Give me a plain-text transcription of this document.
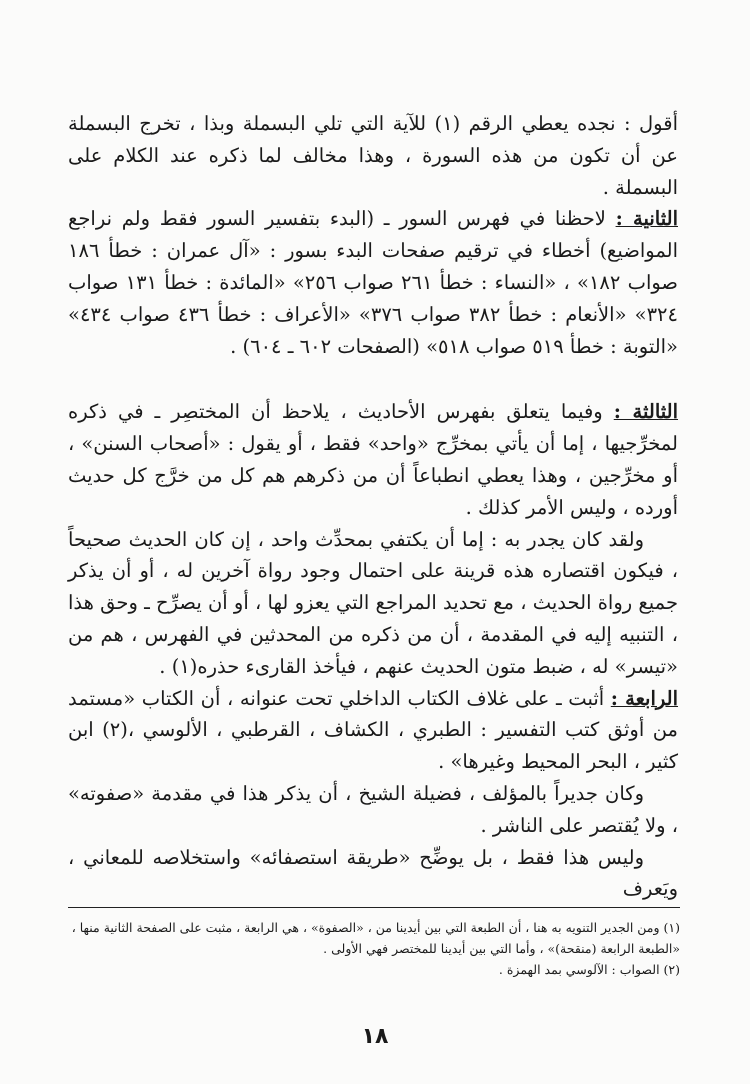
أقول : نجده يعطي الرقم (١) للآية التي تلي البسملة وبذا ، تخرج البسملة عن أن تكون من هذه السورة ، وهذا مخالف لما ذكره عند الكلام على البسملة .

الثانية : لاحظنا في فهرس السور ـ (البدء بتفسير السور فقط ولم نراجع المواضيع) أخطاء في ترقيم صفحات البدء بسور : «آل عمران : خطأ ١٨٦ صواب ١٨٢» ، «النساء : خطأ ٢٦١ صواب ٢٥٦» «المائدة : خطأ ١٣١ صواب ٣٢٤» «الأنعام : خطأ ٣٨٢ صواب ٣٧٦» «الأعراف : خطأ ٤٣٦ صواب ٤٣٤» «التوبة : خطأ ٥١٩ صواب ٥١٨» (الصفحات ٦٠٢ ـ ٦٠٤) .

الثالثة : وفيما يتعلق بفهرس الأحاديث ، يلاحظ أن المختصِر ـ في ذكره لمخرِّجيها ، إما أن يأتي بمخرِّج «واحد» فقط ، أو يقول : «أصحاب السنن» ، أو مخرِّجين ، وهذا يعطي انطباعاً أن من ذكرهم هم كل من خرَّج كل حديث أورده ، وليس الأمر كذلك .

ولقد كان يجدر به : إما أن يكتفي بمحدِّث واحد ، إن كان الحديث صحيحاً ، فيكون اقتصاره هذه قرينة على احتمال وجود رواة آخرين له ، أو أن يذكر جميع رواة الحديث ، مع تحديد المراجع التي يعزو لها ، أو أن يصرِّح ـ وحق هذا ، التنبيه إليه في المقدمة ، أن من ذكره من المحدثين في الفهرس ، هم من «تيسر» له ، ضبط متون الحديث عنهم ، فيأخذ القارىء حذره(١) .

الرابعة : أثبت ـ على غلاف الكتاب الداخلي تحت عنوانه ، أن الكتاب «مستمد من أوثق كتب التفسير : الطبري ، الكشاف ، القرطبي ، الألوسي ،(٢) ابن كثير ، البحر المحيط وغيرها» .

وكان جديراً بالمؤلف ، فضيلة الشيخ ، أن يذكر هذا في مقدمة «صفوته» ، ولا يُقتصر على الناشر .

وليس هذا فقط ، بل يوضِّح «طريقة استصفائه» واستخلاصه للمعاني ، ويَعرف

(١) ومن الجدير التنويه به هنا ، أن الطبعة التي بين أيدينا من ، «الصفوة» ، هي الرابعة ، مثبت على الصفحة الثانية منها ، «الطبعة الرابعة (منقحة)» ، وأما التي بين أيدينا للمختصر فهي الأولى .

(٢) الصواب : الآلوسي بمد الهمزة .

١٨
